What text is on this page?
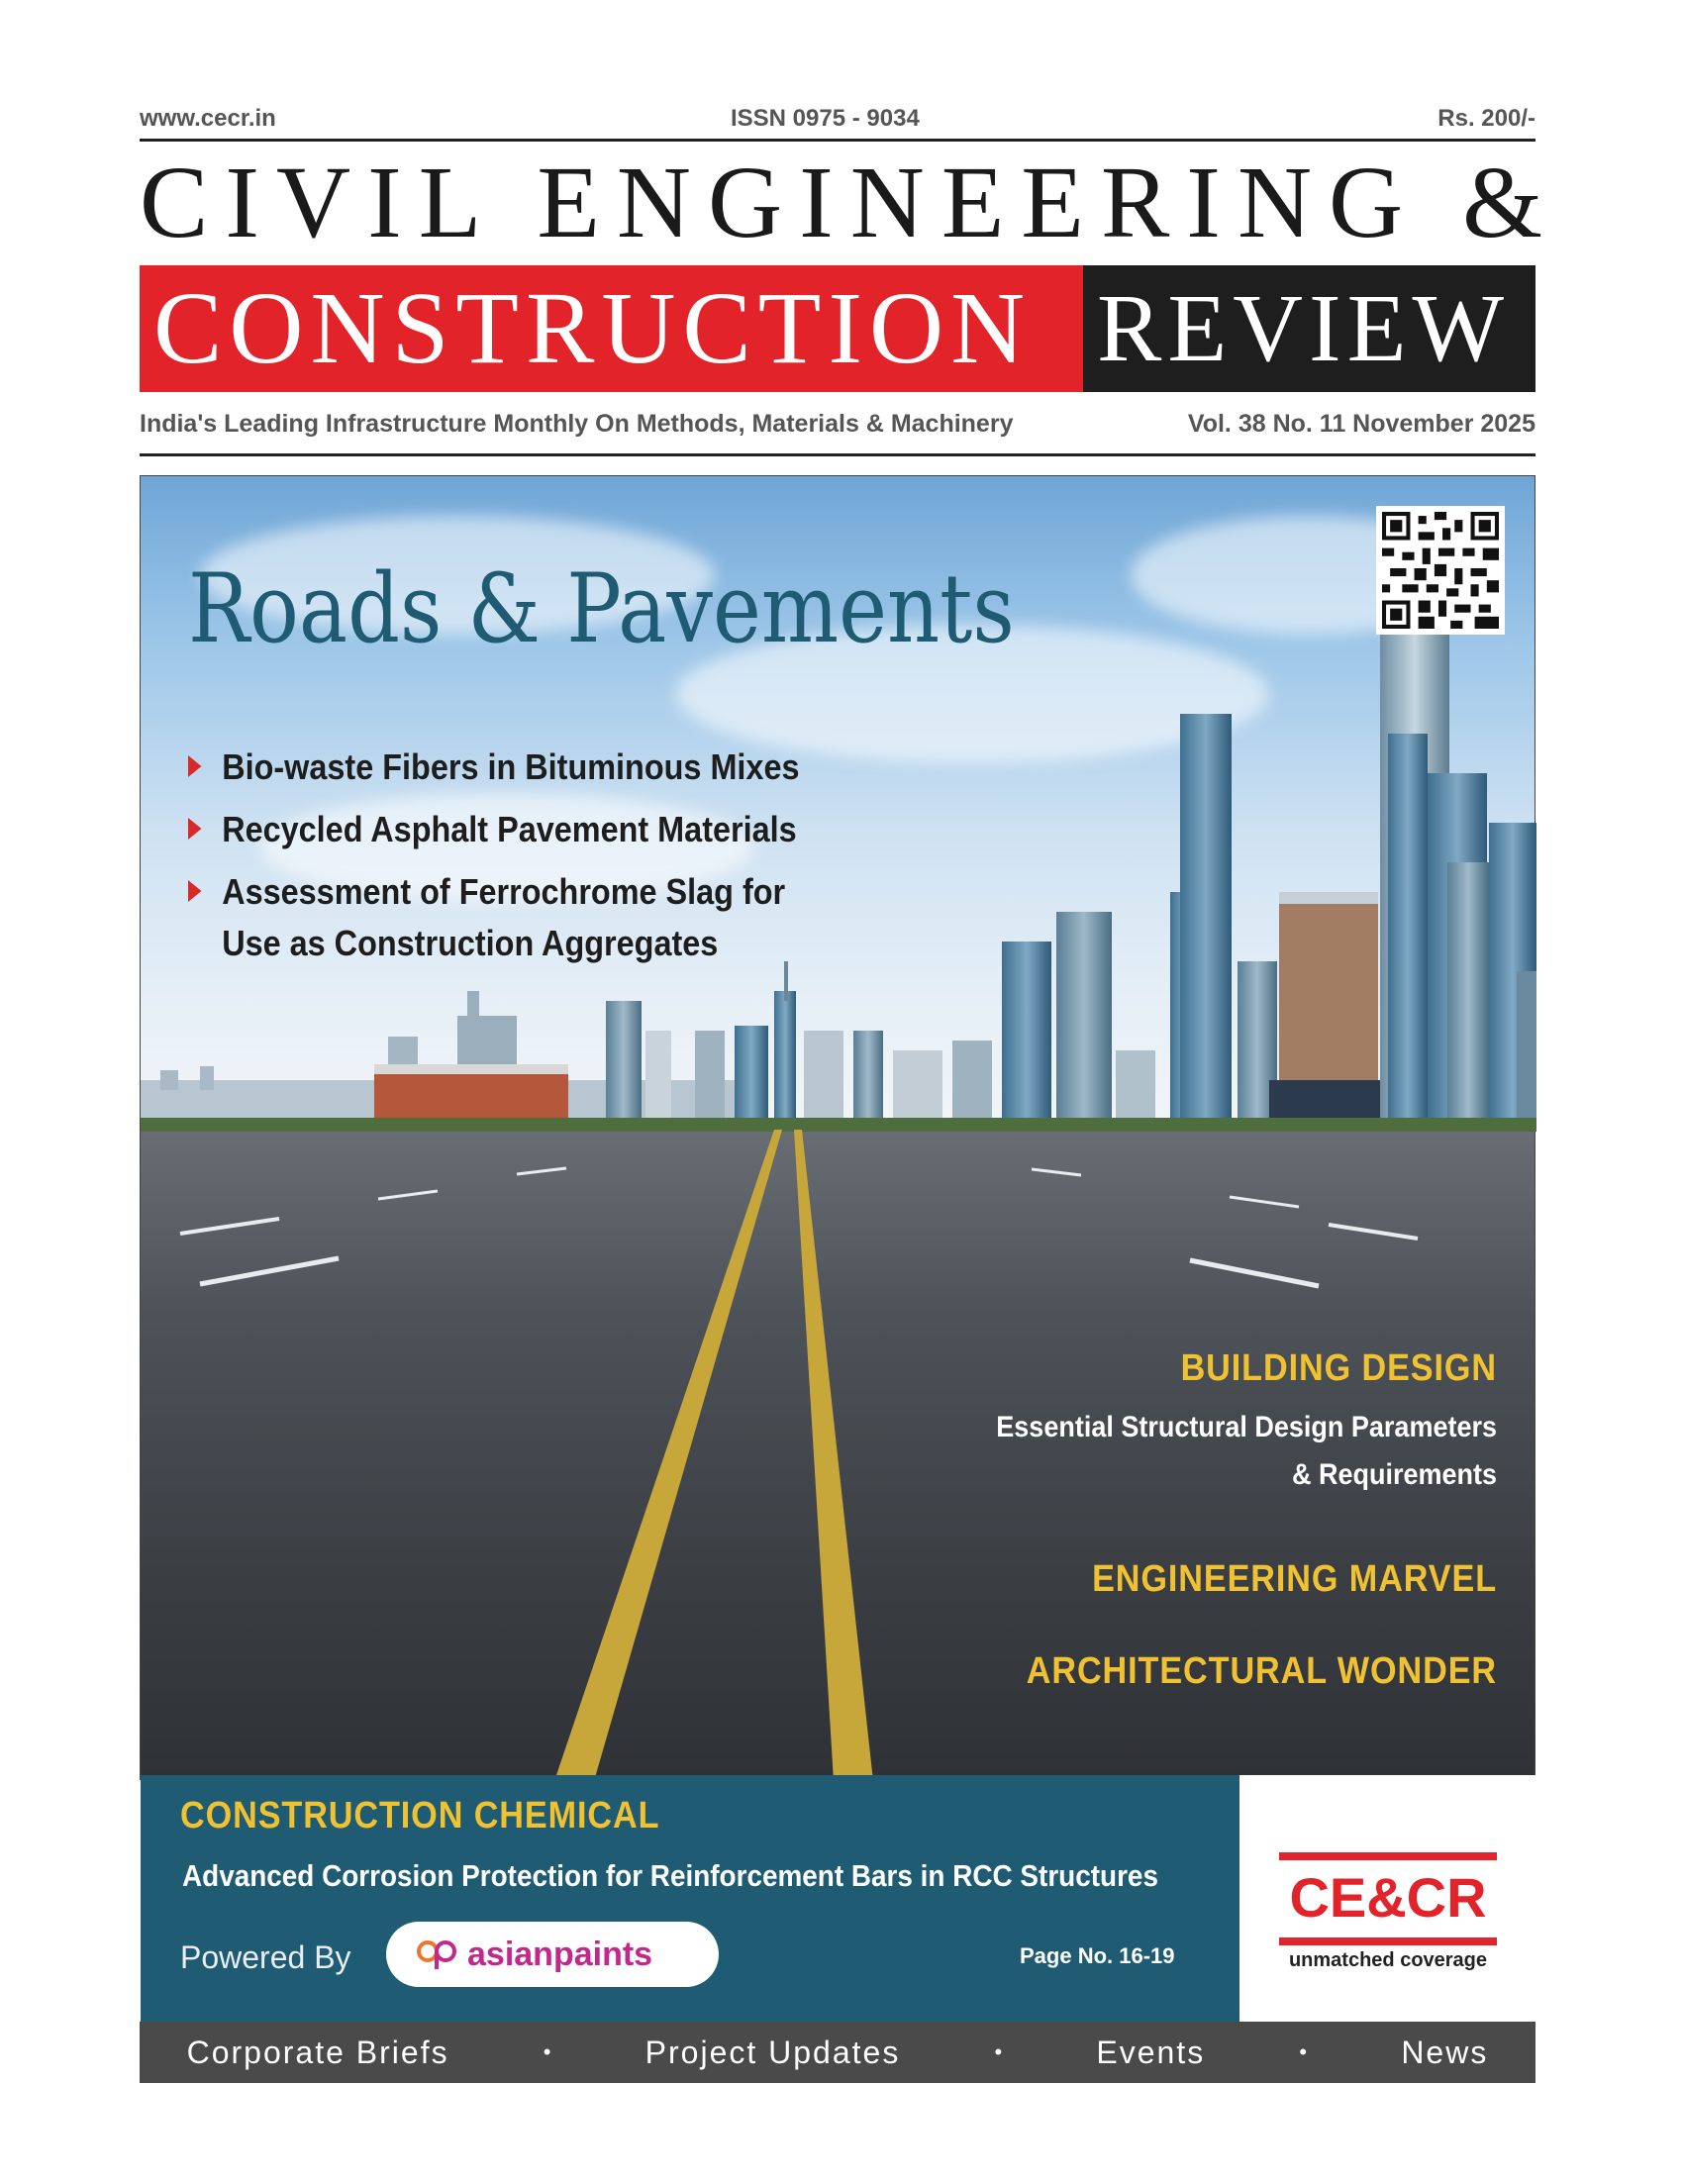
www.cecr.in	ISSN 0975 - 9034	Rs. 200/-
CIVIL ENGINEERING &
CONSTRUCTION REVIEW
India's Leading Infrastructure Monthly On Methods, Materials & Machinery	Vol. 38 No. 11 November 2025
Roads & Pavements
Bio-waste Fibers in Bituminous Mixes
Recycled Asphalt Pavement Materials
Assessment of Ferrochrome Slag for
Use as Construction Aggregates
BUILDING DESIGN
Essential Structural Design Parameters
& Requirements
ENGINEERING MARVEL
ARCHITECTURAL WONDER
CONSTRUCTION CHEMICAL
Advanced Corrosion Protection for Reinforcement Bars in RCC Structures
Powered By	asianpaints	Page No. 16-19
CE&CR
unmatched coverage
Corporate Briefs	•	Project Updates	•	Events	•	News
